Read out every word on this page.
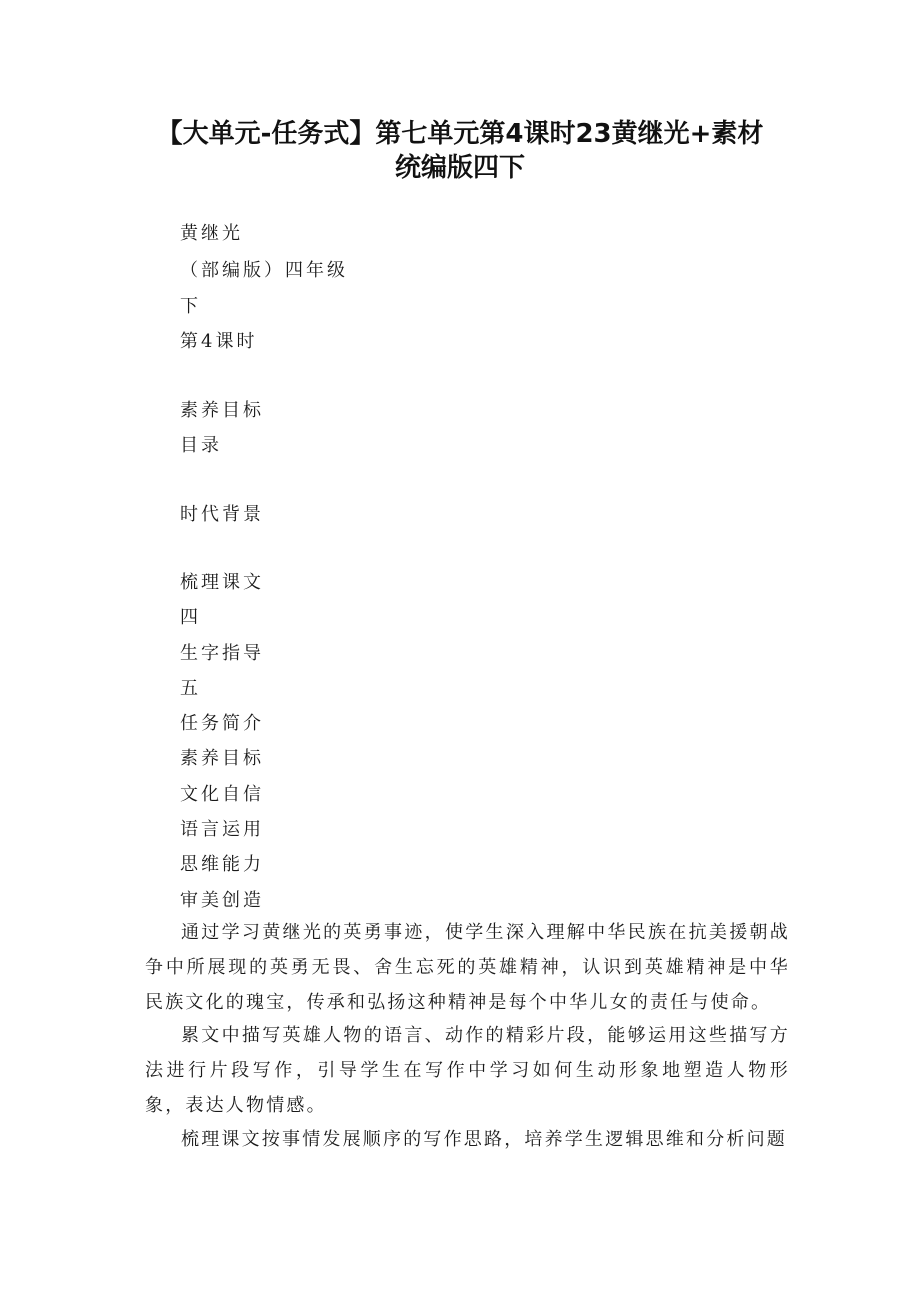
【大单元-任务式】第七单元第4课时23黄继光+素材
统编版四下
黄继光
（部编版）四年级
下
第4课时
素养目标
目录
时代背景
梳理课文
四
生字指导
五
任务简介
素养目标
文化自信
语言运用
思维能力
审美创造
通过学习黄继光的英勇事迹，使学生深入理解中华民族在抗美援朝战争中所展现的英勇无畏、舍生忘死的英雄精神，认识到英雄精神是中华民族文化的瑰宝，传承和弘扬这种精神是每个中华儿女的责任与使命。
累文中描写英雄人物的语言、动作的精彩片段，能够运用这些描写方法进行片段写作，引导学生在写作中学习如何生动形象地塑造人物形象，表达人物情感。
梳理课文按事情发展顺序的写作思路，培养学生逻辑思维和分析问题
